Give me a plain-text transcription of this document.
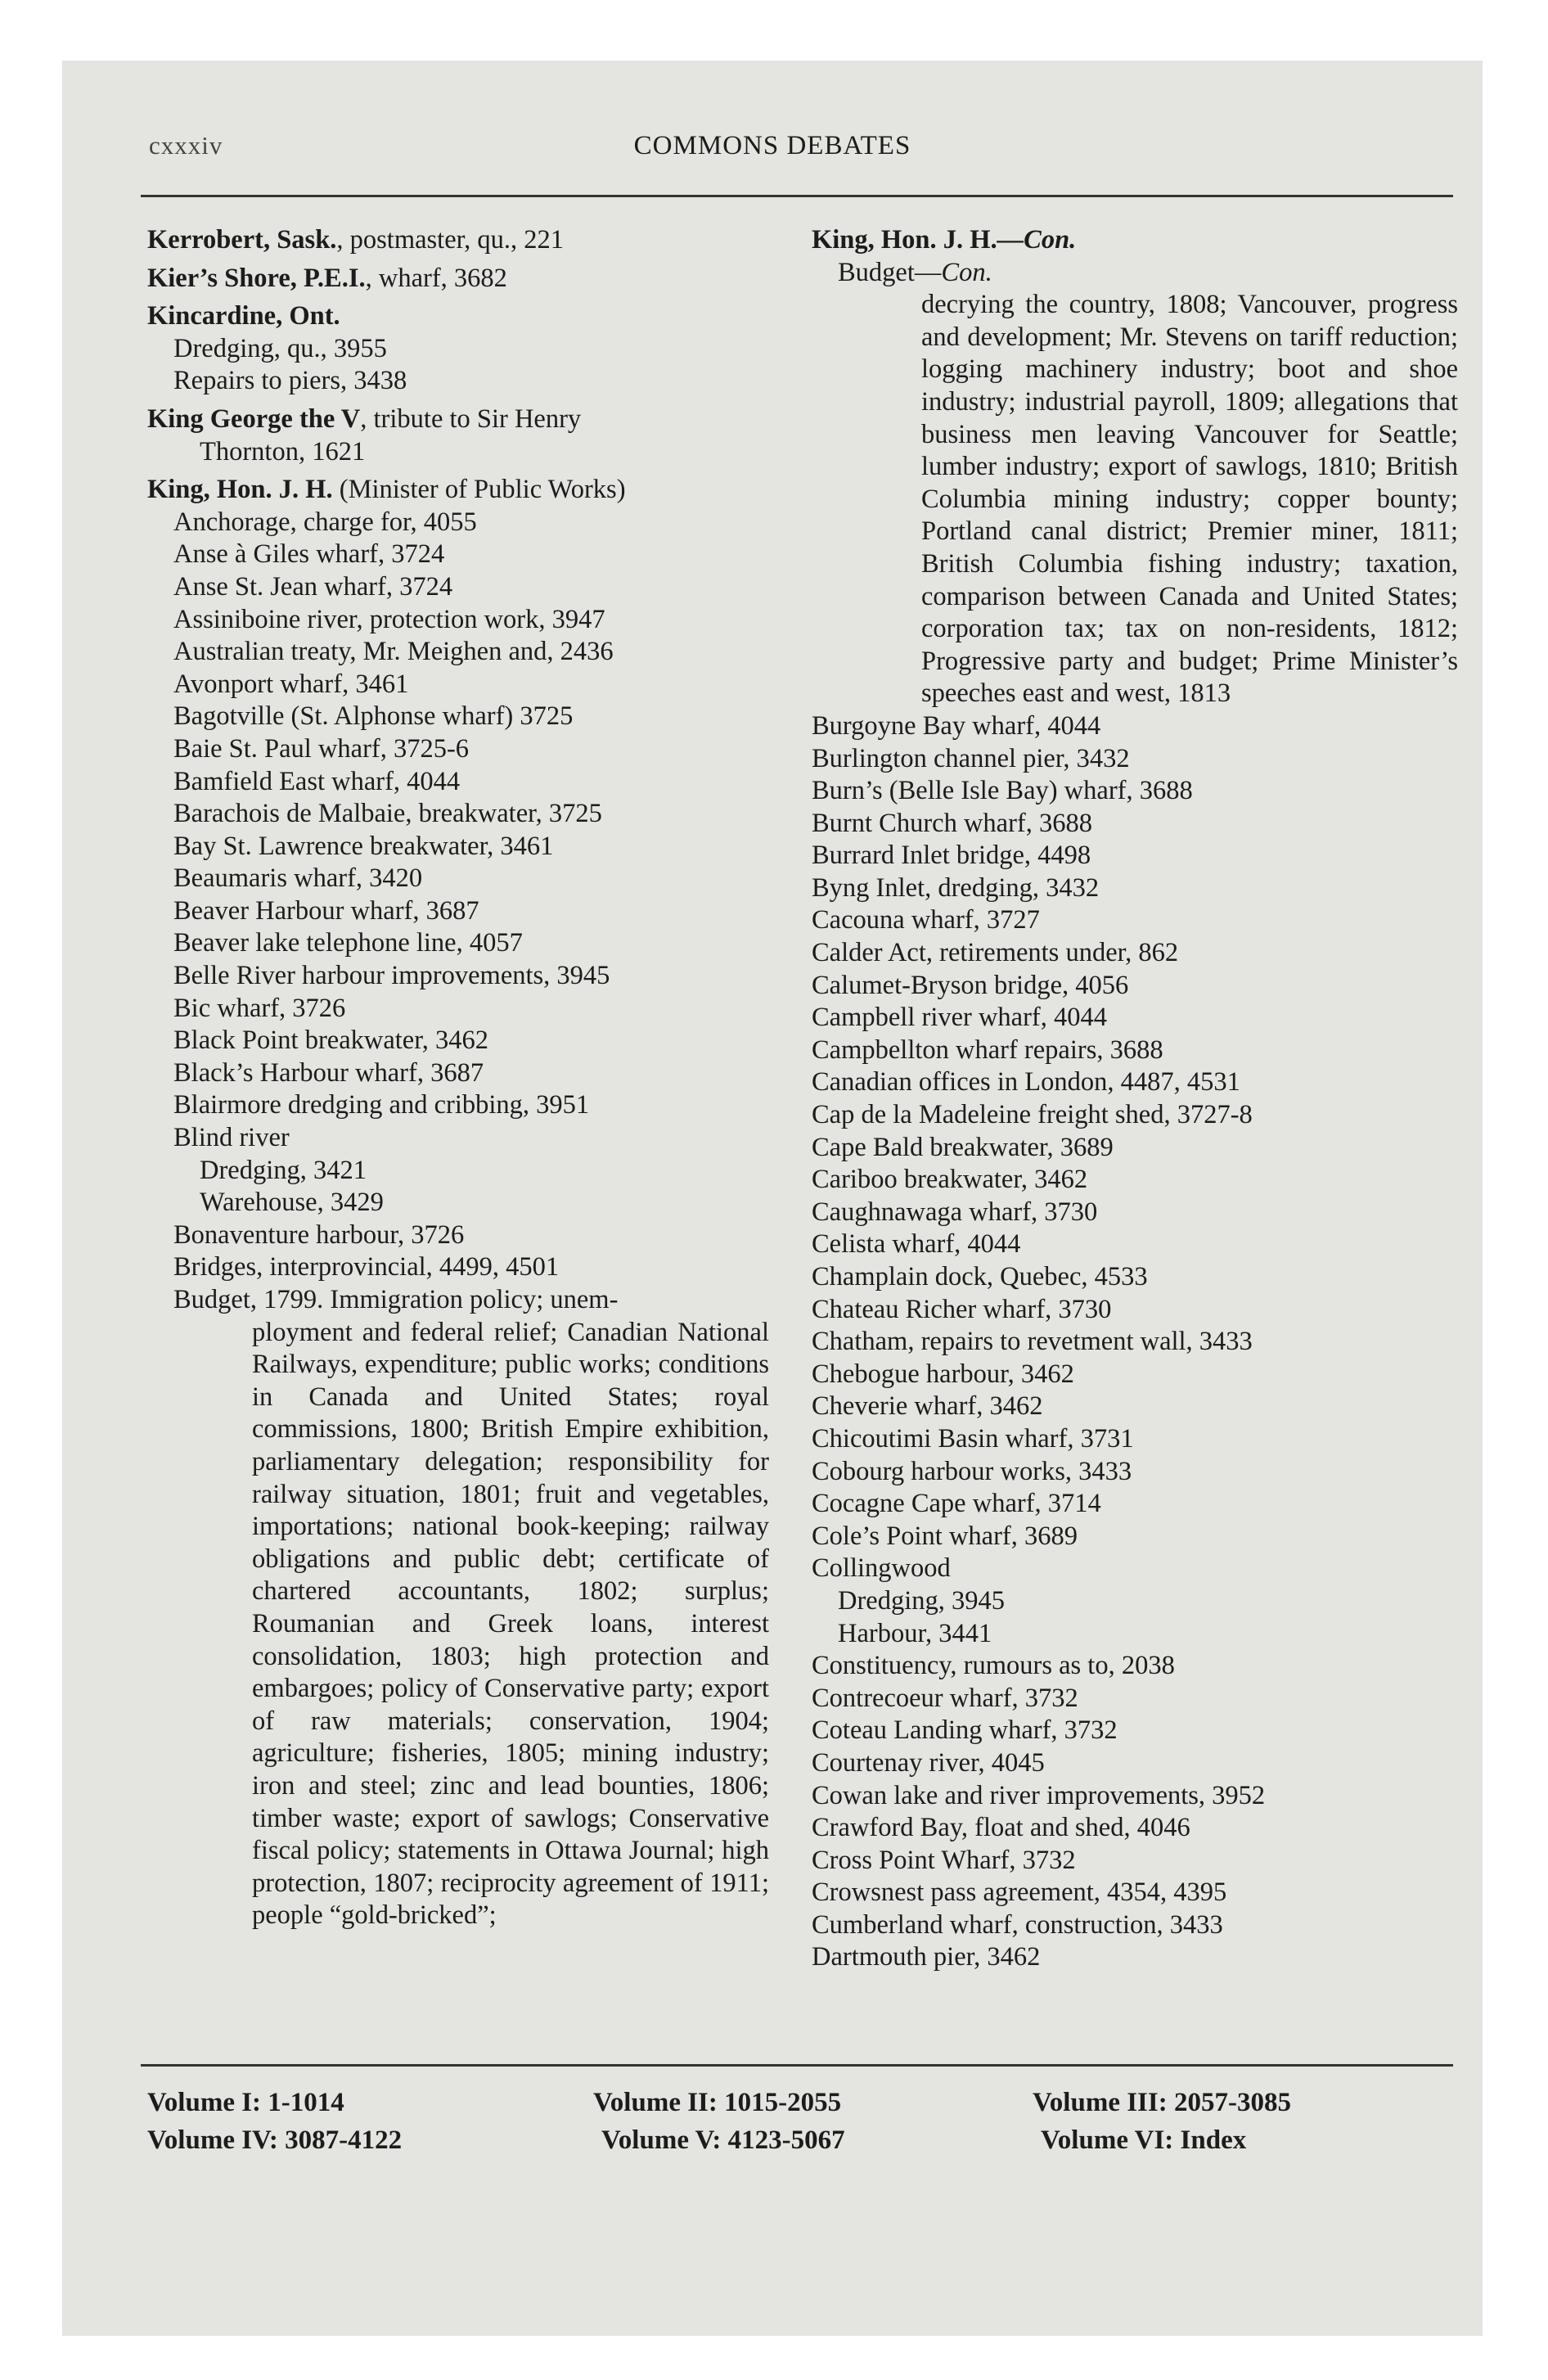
cxxxiv	COMMONS DEBATES
Kerrobert, Sask., postmaster, qu., 221
Kier’s Shore, P.E.I., wharf, 3682
Kincardine, Ont.
Dredging, qu., 3955
Repairs to piers, 3438
King George the V, tribute to Sir Henry
Thornton, 1621
King, Hon. J. H. (Minister of Public Works)
Anchorage, charge for, 4055
Anse à Giles wharf, 3724
Anse St. Jean wharf, 3724
Assiniboine river, protection work, 3947
Australian treaty, Mr. Meighen and, 2436
Avonport wharf, 3461
Bagotville (St. Alphonse wharf) 3725
Baie St. Paul wharf, 3725-6
Bamfield East wharf, 4044
Barachois de Malbaie, breakwater, 3725
Bay St. Lawrence breakwater, 3461
Beaumaris wharf, 3420
Beaver Harbour wharf, 3687
Beaver lake telephone line, 4057
Belle River harbour improvements, 3945
Bic wharf, 3726
Black Point breakwater, 3462
Black’s Harbour wharf, 3687
Blairmore dredging and cribbing, 3951
Blind river
Dredging, 3421
Warehouse, 3429
Bonaventure harbour, 3726
Bridges, interprovincial, 4499, 4501
Budget, 1799. Immigration policy; unem-
ployment and federal relief; Canadian National Railways, expenditure; public works; conditions in Canada and United States; royal commissions, 1800; British Empire exhibition, parliamentary delegation; responsibility for railway situation, 1801; fruit and vegetables, importations; national book-keeping; railway obligations and public debt; certificate of chartered accountants, 1802; surplus; Roumanian and Greek loans, interest consolidation, 1803; high protection and embargoes; policy of Conservative party; export of raw materials; conservation, 1904; agriculture; fisheries, 1805; mining industry; iron and steel; zinc and lead bounties, 1806; timber waste; export of sawlogs; Conservative fiscal policy; statements in Ottawa Journal; high protection, 1807; reciprocity agreement of 1911; people “gold-bricked”;
King, Hon. J. H.—Con.
Budget—Con.
decrying the country, 1808; Vancouver, progress and development; Mr. Stevens on tariff reduction; logging machinery industry; boot and shoe industry; industrial payroll, 1809; allegations that business men leaving Vancouver for Seattle; lumber industry; export of sawlogs, 1810; British Columbia mining industry; copper bounty; Portland canal district; Premier miner, 1811; British Columbia fishing industry; taxation, comparison between Canada and United States; corporation tax; tax on non-residents, 1812; Progressive party and budget; Prime Minister’s speeches east and west, 1813
Burgoyne Bay wharf, 4044
Burlington channel pier, 3432
Burn’s (Belle Isle Bay) wharf, 3688
Burnt Church wharf, 3688
Burrard Inlet bridge, 4498
Byng Inlet, dredging, 3432
Cacouna wharf, 3727
Calder Act, retirements under, 862
Calumet-Bryson bridge, 4056
Campbell river wharf, 4044
Campbellton wharf repairs, 3688
Canadian offices in London, 4487, 4531
Cap de la Madeleine freight shed, 3727-8
Cape Bald breakwater, 3689
Cariboo breakwater, 3462
Caughnawaga wharf, 3730
Celista wharf, 4044
Champlain dock, Quebec, 4533
Chateau Richer wharf, 3730
Chatham, repairs to revetment wall, 3433
Chebogue harbour, 3462
Cheverie wharf, 3462
Chicoutimi Basin wharf, 3731
Cobourg harbour works, 3433
Cocagne Cape wharf, 3714
Cole’s Point wharf, 3689
Collingwood
Dredging, 3945
Harbour, 3441
Constituency, rumours as to, 2038
Contrecoeur wharf, 3732
Coteau Landing wharf, 3732
Courtenay river, 4045
Cowan lake and river improvements, 3952
Crawford Bay, float and shed, 4046
Cross Point Wharf, 3732
Crowsnest pass agreement, 4354, 4395
Cumberland wharf, construction, 3433
Dartmouth pier, 3462
Volume I: 1-1014	Volume II: 1015-2055	Volume III: 2057-3085
Volume IV: 3087-4122	Volume V: 4123-5067	Volume VI: Index
